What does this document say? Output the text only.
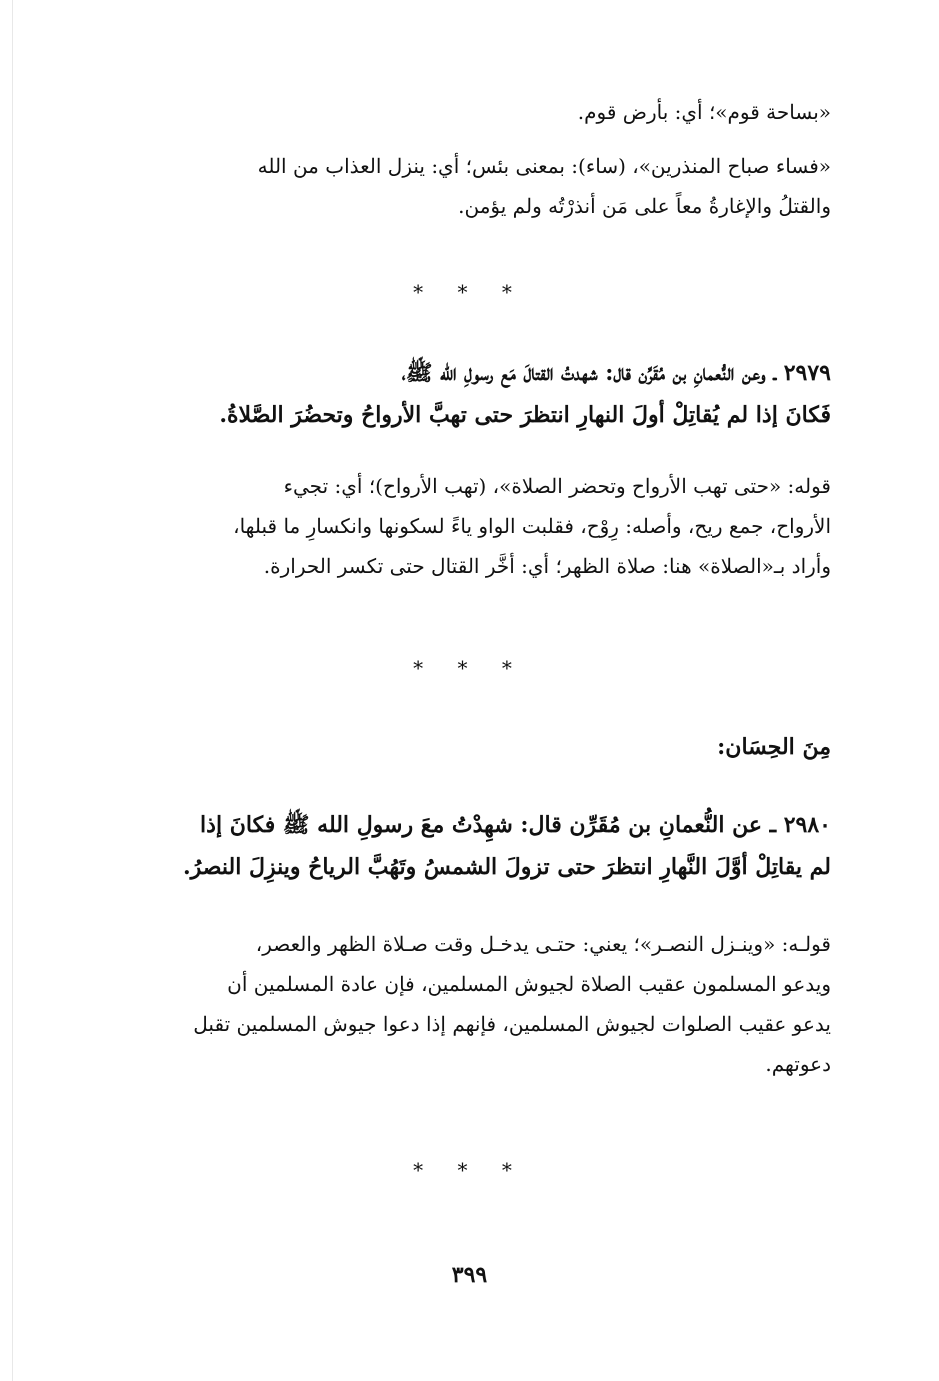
«بساحة قوم»؛ أي: بأرض قوم.

«فساء صباح المنذرين»، (ساء): بمعنى بئس؛ أي: ينزل العذاب من الله
والقتلُ والإغارةُ معاً على مَن أنذرْتُه ولم يؤمن.

* * *

٢٩٧٩ ـ وعن النُّعمانِ بن مُقَرِّن قال: شهدتُ القتالَ مَع رسولِ الله ﷺ،
فَكانَ إذا لم يُقاتِلْ أولَ النهارِ انتظرَ حتى تهبَّ الأرواحُ وتحضُرَ الصَّلاةُ.

قوله: «حتى تهب الأرواح وتحضر الصلاة»، (تهب الأرواح)؛ أي: تجيء
الأرواح، جمع ريح، وأصله: رِوْح، فقلبت الواو ياءً لسكونها وانكسارِ ما قبلها،
وأراد بـ«الصلاة» هنا: صلاة الظهر؛ أي: أخَّر القتال حتى تكسر الحرارة.

* * *
مِنَ الحِسَان:

٢٩٨٠ ـ عن النُّعمانِ بن مُقَرِّن قال: شهِدْتُ معَ رسولِ الله ﷺ فكانَ إذا
لم يقاتِلْ أوَّلَ النَّهارِ انتظرَ حتى تزولَ الشمسُ وتَهُبَّ الرياحُ وينزِلَ النصرُ.

قولـه: «وينـزل النصـر»؛ يعني: حتـى يدخـل وقت صـلاة الظهر والعصر،
ويدعو المسلمون عقيب الصلاة لجيوش المسلمين، فإن عادة المسلمين أن
يدعو عقيب الصلوات لجيوش المسلمين، فإنهم إذا دعوا جيوش المسلمين تقبل
دعوتهم.

* * *
٣٩٩
